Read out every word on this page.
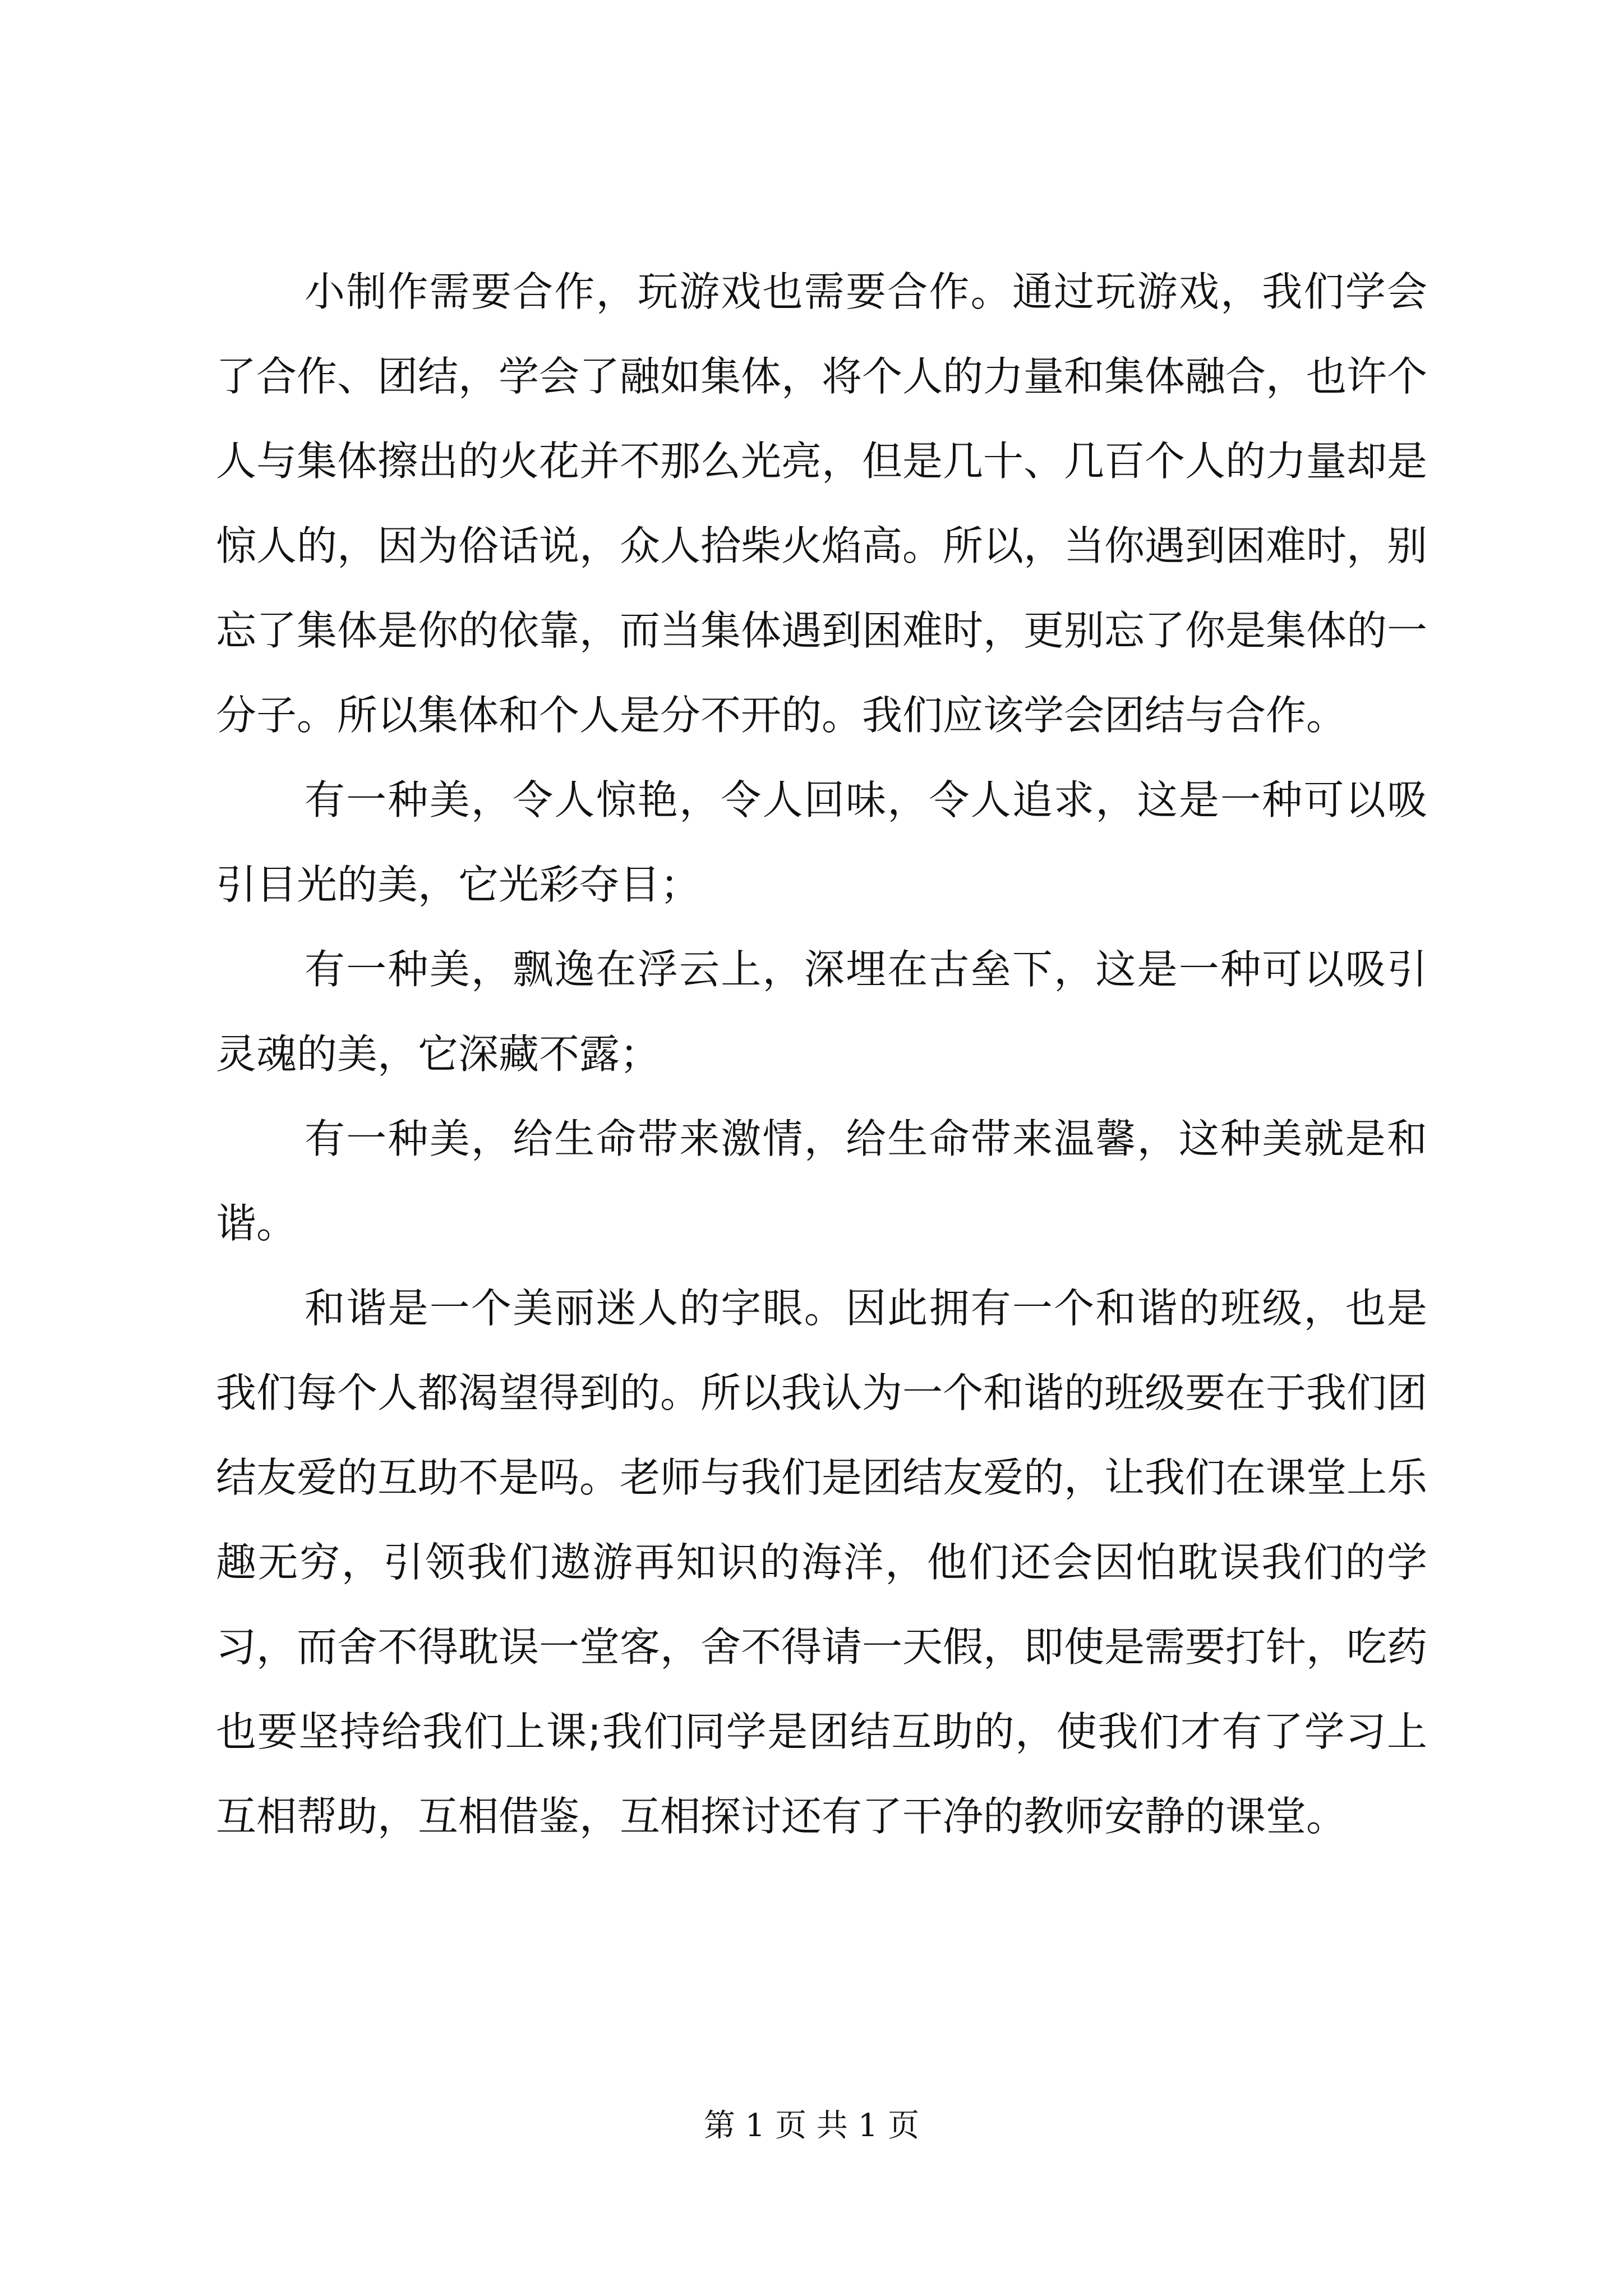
小制作需要合作，玩游戏也需要合作。通过玩游戏，我们学会了合作、团结，学会了融如集体，将个人的力量和集体融合，也许个人与集体擦出的火花并不那么光亮，但是几十、几百个人的力量却是惊人的，因为俗话说，众人拾柴火焰高。所以，当你遇到困难时，别忘了集体是你的依靠，而当集体遇到困难时，更别忘了你是集体的一分子。所以集体和个人是分不开的。我们应该学会团结与合作。

有一种美，令人惊艳，令人回味，令人追求，这是一种可以吸引目光的美，它光彩夺目；

有一种美，飘逸在浮云上，深埋在古垒下，这是一种可以吸引灵魂的美，它深藏不露；

有一种美，给生命带来激情，给生命带来温馨，这种美就是和谐。

和谐是一个美丽迷人的字眼。因此拥有一个和谐的班级，也是我们每个人都渴望得到的。所以我认为一个和谐的班级要在于我们团结友爱的互助不是吗。老师与我们是团结友爱的，让我们在课堂上乐趣无穷，引领我们遨游再知识的海洋，他们还会因怕耽误我们的学习，而舍不得耽误一堂客，舍不得请一天假，即使是需要打针，吃药也要坚持给我们上课;我们同学是团结互助的，使我们才有了学习上互相帮助，互相借鉴，互相探讨还有了干净的教师安静的课堂。

第 1 页 共 1 页
